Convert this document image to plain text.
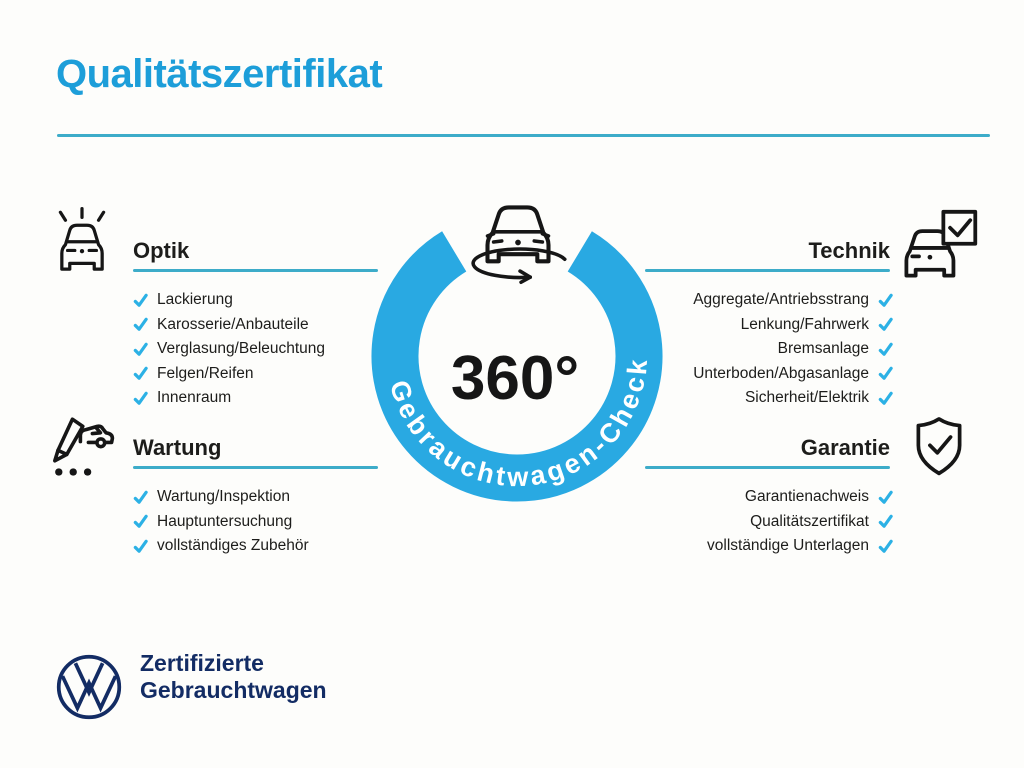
Qualitätszertifikat
Gebrauchtwagen-Check
360°
Optik
Lackierung
Karosserie/Anbauteile
Verglasung/Beleuchtung
Felgen/Reifen
Innenraum
Wartung
Wartung/Inspektion
Hauptuntersuchung
vollständiges Zubehör
Technik
Aggregate/Antriebsstrang
Lenkung/Fahrwerk
Bremsanlage
Unterboden/Abgasanlage
Sicherheit/Elektrik
Garantie
Garantienachweis
Qualitätszertifikat
vollständige Unterlagen
Zertifizierte
Gebrauchtwagen
